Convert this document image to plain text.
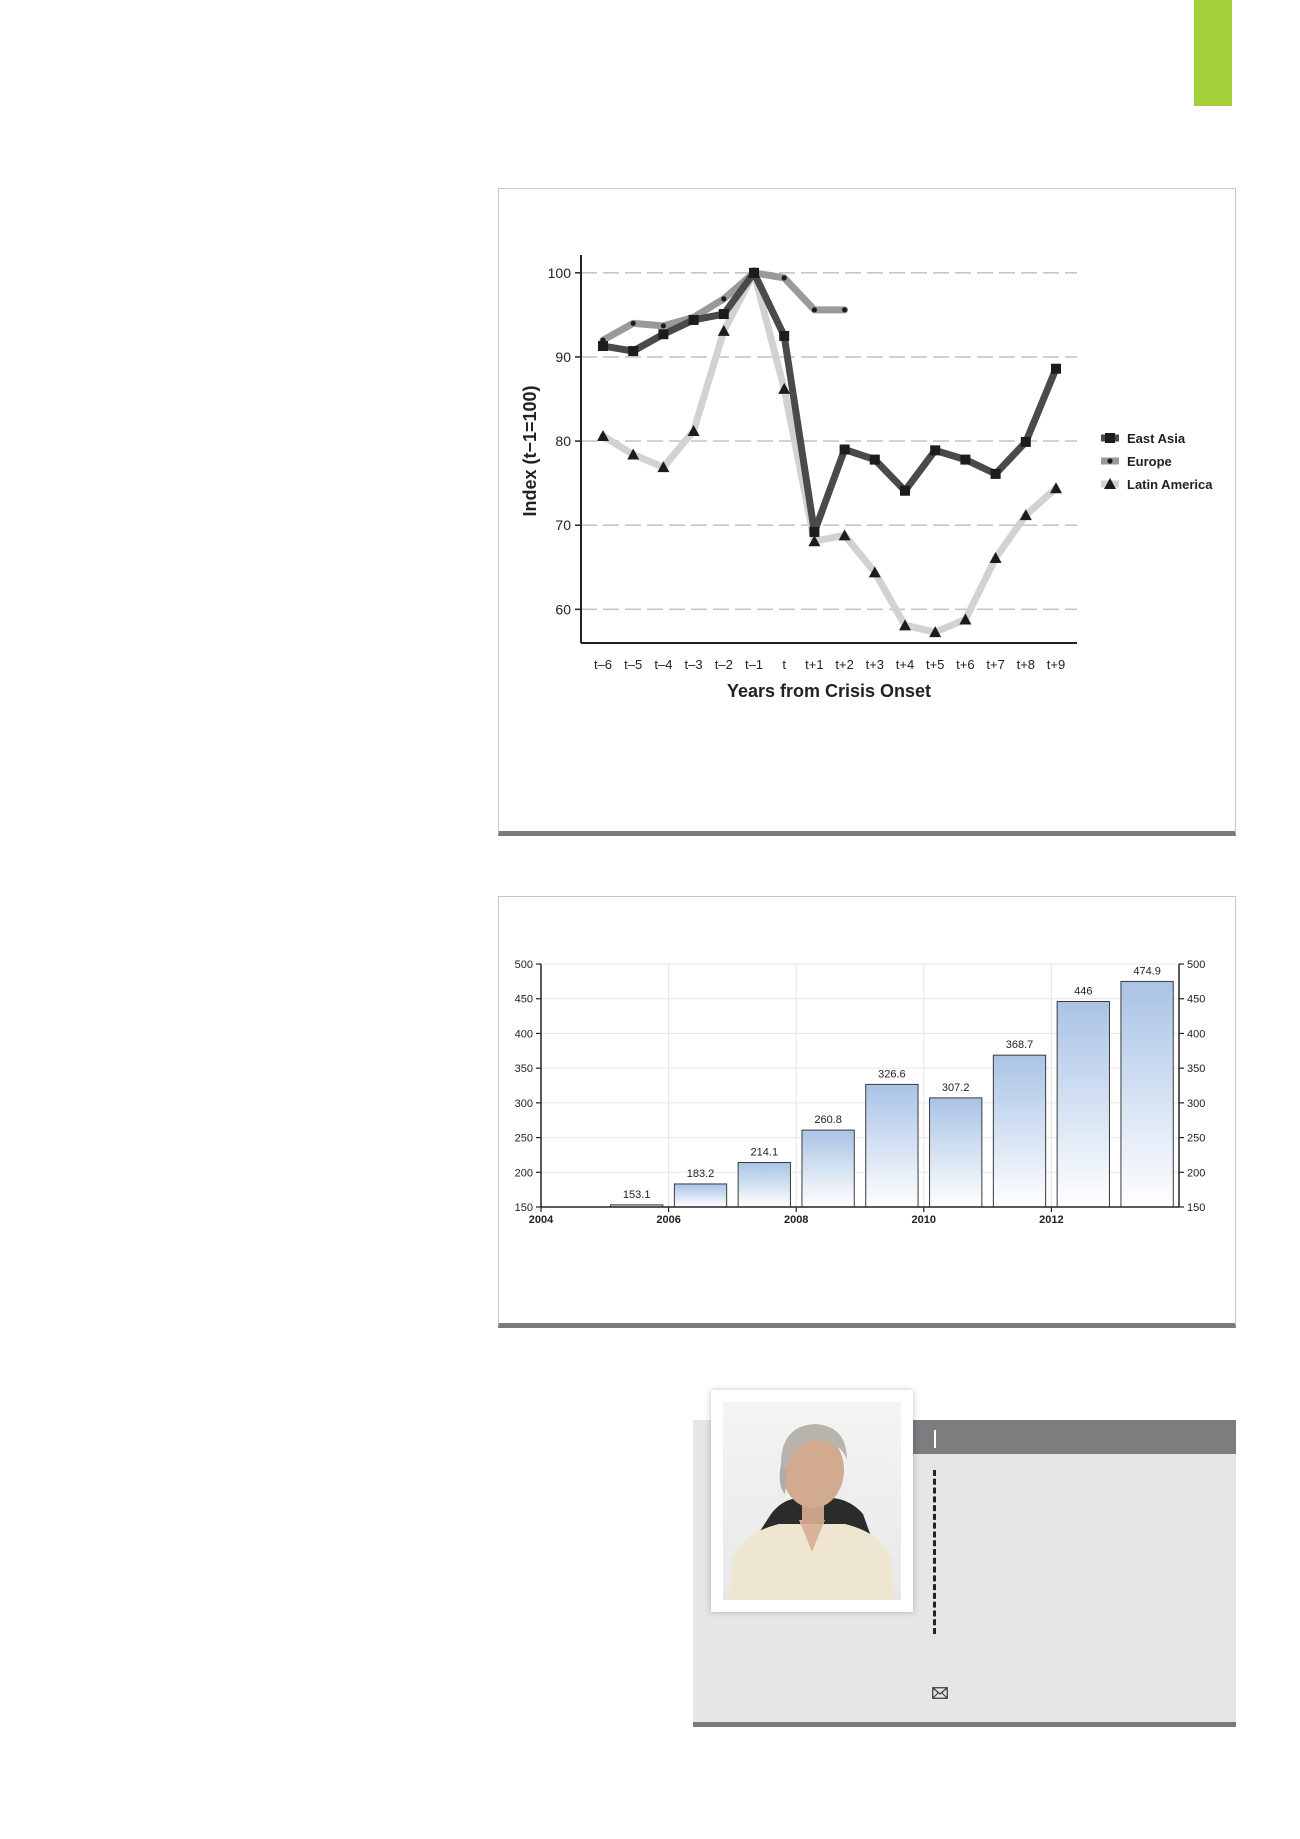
60
70
80
90
100
t–6 t–5 t–4 t–3 t–2 t–1 t t+1 t+2 t+3 t+4 t+5 t+6 t+7 t+8 t+9
Years from Crisis Onset
Index (t−1=100)	East Asia
Europe
Latin America
150	150
200	200
250	250
300	300
350	350
400	400
450	450
500	500
2004	2006	2008	2010	2012
153.1
183.2
214.1
260.8
326.6
307.2
368.7
446
474.9
